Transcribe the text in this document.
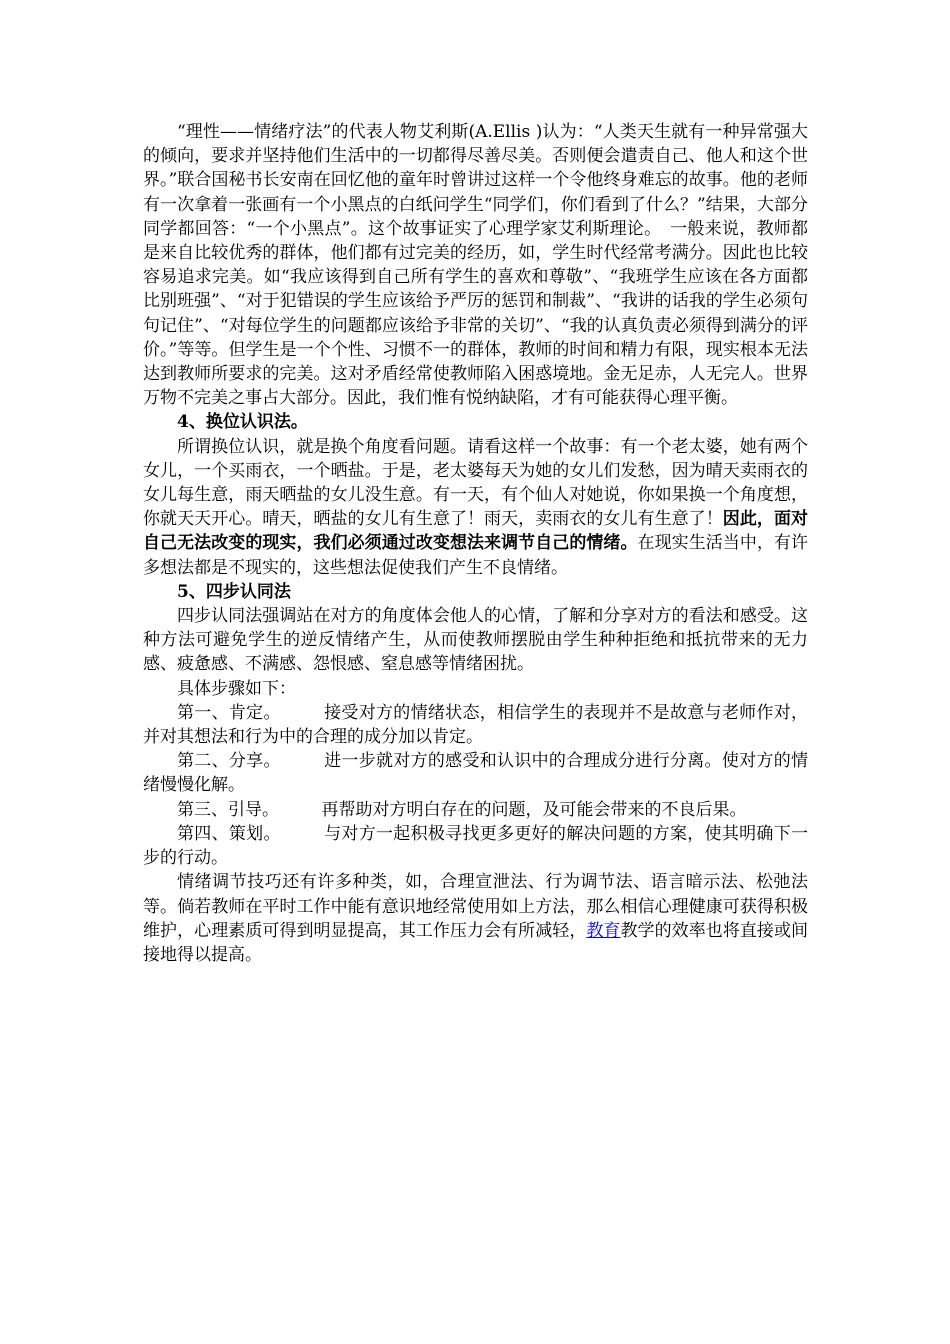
“理性——情绪疗法”的代表人物艾利斯(A.Ellis )认为：“人类天生就有一种异常强大的倾向，要求并坚持他们生活中的一切都得尽善尽美。否则便会遣责自己、他人和这个世界。”联合国秘书长安南在回忆他的童年时曾讲过这样一个令他终身难忘的故事。他的老师有一次拿着一张画有一个小黑点的白纸问学生“同学们，你们看到了什么？”结果，大部分同学都回答：“一个小黑点”。这个故事证实了心理学家艾利斯理论。　一般来说，教师都是来自比较优秀的群体，他们都有过完美的经历，如，学生时代经常考满分。因此也比较容易追求完美。如“我应该得到自己所有学生的喜欢和尊敬”、“我班学生应该在各方面都比别班强”、“对于犯错误的学生应该给予严厉的惩罚和制裁”、“我讲的话我的学生必须句句记住”、“对每位学生的问题都应该给予非常的关切”、“我的认真负责必须得到满分的评价。”等等。但学生是一个个性、习惯不一的群体，教师的时间和精力有限，现实根本无法达到教师所要求的完美。这对矛盾经常使教师陷入困惑境地。金无足赤，人无完人。世界万物不完美之事占大部分。因此，我们惟有悦纳缺陷，才有可能获得心理平衡。

4、换位认识法。

所谓换位认识，就是换个角度看问题。请看这样一个故事：有一个老太婆，她有两个女儿，一个买雨衣，一个晒盐。于是，老太婆每天为她的女儿们发愁，因为晴天卖雨衣的女儿每生意，雨天晒盐的女儿没生意。有一天，有个仙人对她说，你如果换一个角度想，你就天天开心。晴天，晒盐的女儿有生意了！雨天，卖雨衣的女儿有生意了！因此，面对自己无法改变的现实，我们必须通过改变想法来调节自己的情绪。在现实生活当中，有许多想法都是不现实的，这些想法促使我们产生不良情绪。

5、四步认同法

四步认同法强调站在对方的角度体会他人的心情，了解和分享对方的看法和感受。这种方法可避免学生的逆反情绪产生，从而使教师摆脱由学生种种拒绝和抵抗带来的无力感、疲惫感、不满感、怨恨感、窒息感等情绪困扰。

具体步骤如下：

第一、肯定。　　　	接受对方的情绪状态，相信学生的表现并不是故意与老师作对，并对其想法和行为中的合理的成分加以肯定。

第二、分享。　　　	进一步就对方的感受和认识中的合理成分进行分离。使对方的情绪慢慢化解。

第三、引导。　　　	再帮助对方明白存在的问题，及可能会带来的不良后果。

第四、策划。　　　	与对方一起积极寻找更多更好的解决问题的方案，使其明确下一步的行动。

情绪调节技巧还有许多种类，如，合理宣泄法、行为调节法、语言暗示法、松弛法等。倘若教师在平时工作中能有意识地经常使用如上方法，那么相信心理健康可获得积极维护，心理素质可得到明显提高，其工作压力会有所减轻，教育教学的效率也将直接或间接地得以提高。
